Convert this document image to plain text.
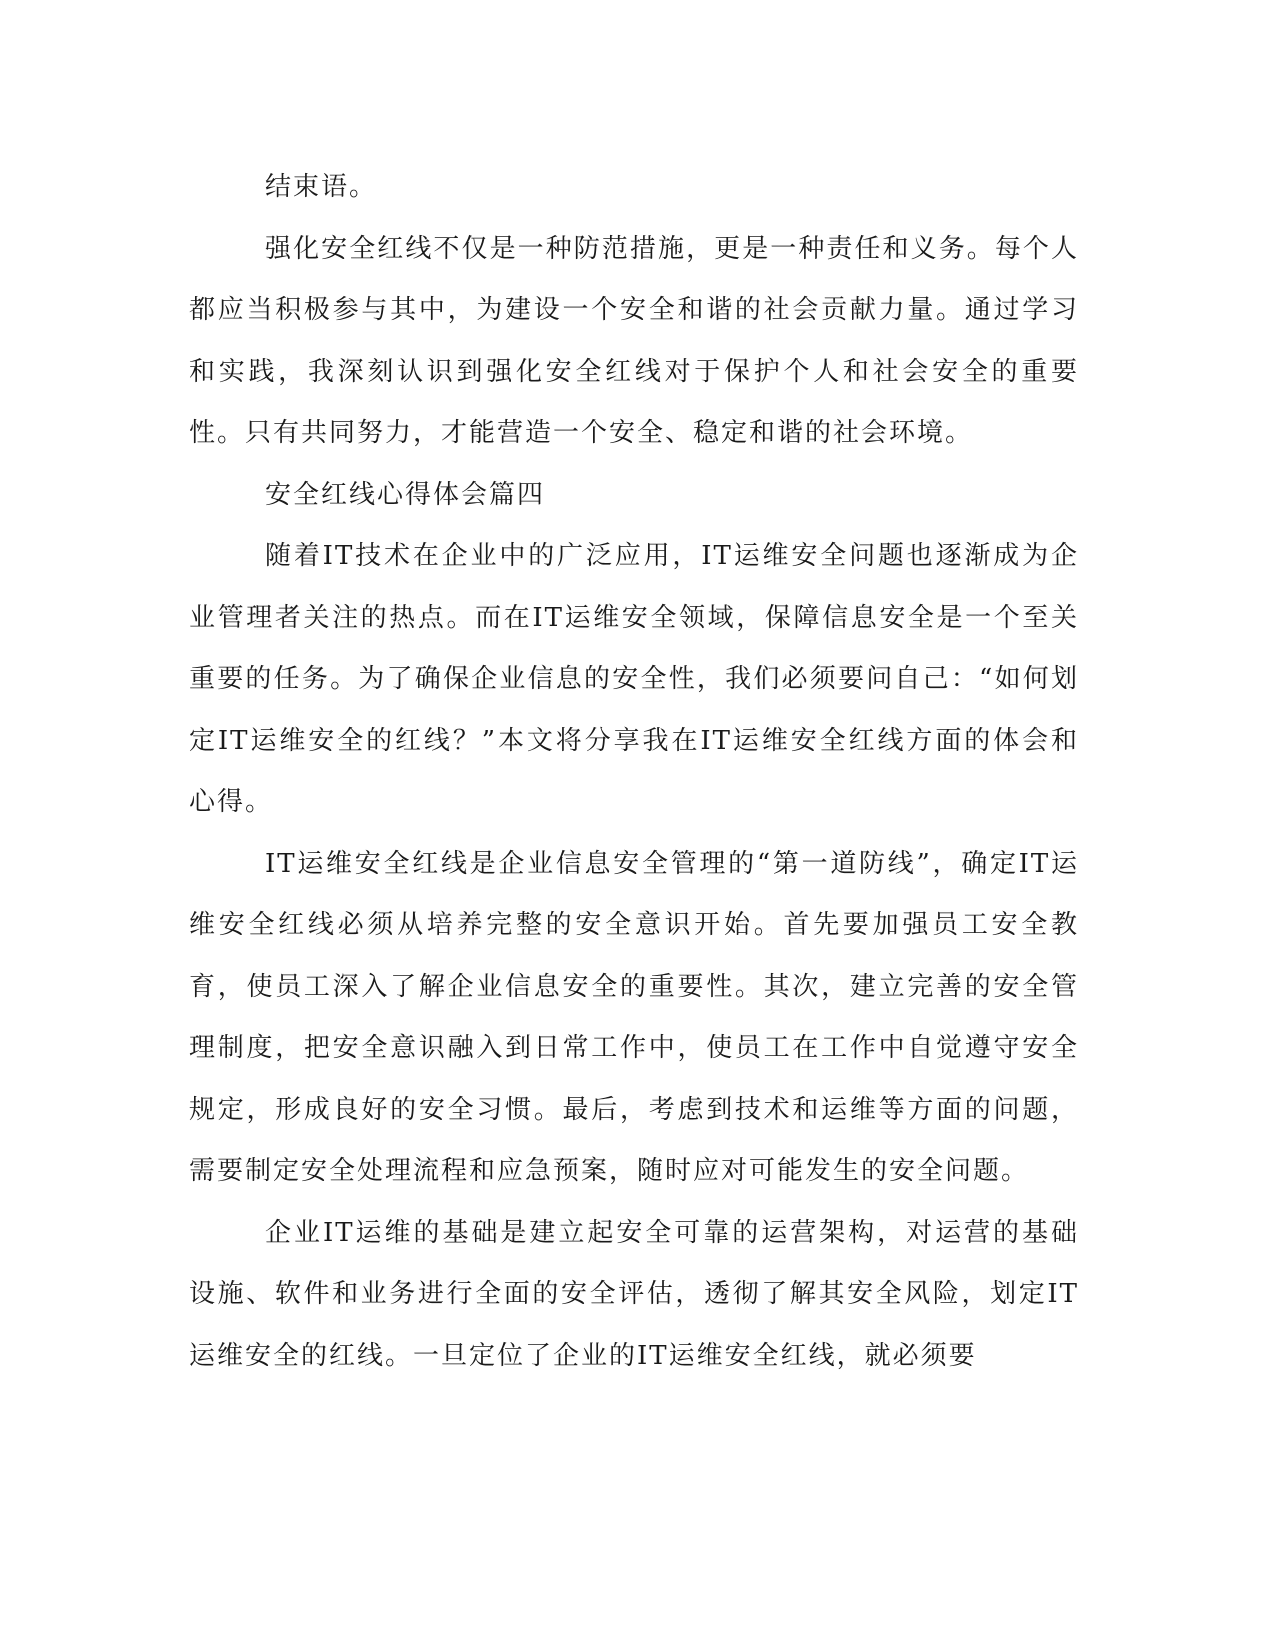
结束语。

强化安全红线不仅是一种防范措施，更是一种责任和义务。每个人都应当积极参与其中，为建设一个安全和谐的社会贡献力量。通过学习和实践，我深刻认识到强化安全红线对于保护个人和社会安全的重要性。只有共同努力，才能营造一个安全、稳定和谐的社会环境。

安全红线心得体会篇四

随着IT技术在企业中的广泛应用，IT运维安全问题也逐渐成为企业管理者关注的热点。而在IT运维安全领域，保障信息安全是一个至关重要的任务。为了确保企业信息的安全性，我们必须要问自己：“如何划定IT运维安全的红线？”本文将分享我在IT运维安全红线方面的体会和心得。

IT运维安全红线是企业信息安全管理的“第一道防线”，确定IT运维安全红线必须从培养完整的安全意识开始。首先要加强员工安全教育，使员工深入了解企业信息安全的重要性。其次，建立完善的安全管理制度，把安全意识融入到日常工作中，使员工在工作中自觉遵守安全规定，形成良好的安全习惯。最后，考虑到技术和运维等方面的问题，需要制定安全处理流程和应急预案，随时应对可能发生的安全问题。

企业IT运维的基础是建立起安全可靠的运营架构，对运营的基础设施、软件和业务进行全面的安全评估，透彻了解其安全风险，划定IT运维安全的红线。一旦定位了企业的IT运维安全红线，就必须要
